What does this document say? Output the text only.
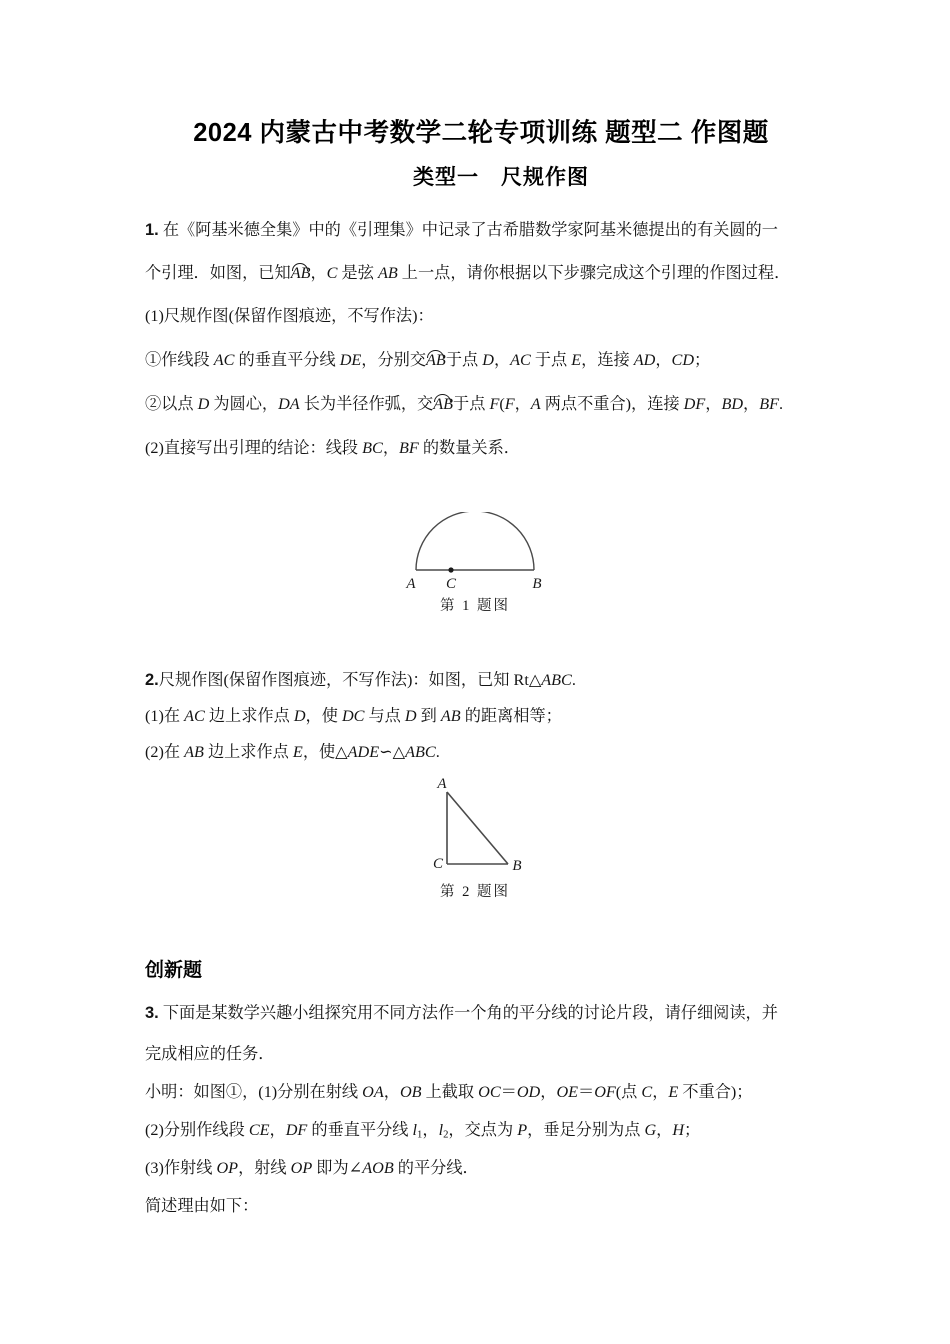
2024 内蒙古中考数学二轮专项训练 题型二 作图题
类型一　尺规作图
1. 在《阿基米德全集》中的《引理集》中记录了古希腊数学家阿基米德提出的有关圆的一
个引理．如图，已知AB，C 是弦 AB 上一点，请你根据以下步骤完成这个引理的作图过程．
(1)尺规作图(保留作图痕迹，不写作法)：
①作线段 AC 的垂直平分线 DE，分别交AB于点 D，AC 于点 E，连接 AD，CD；
②以点 D 为圆心，DA 长为半径作弧，交AB于点 F(F，A 两点不重合)，连接 DF，BD，BF.
(2)直接写出引理的结论：线段 BC，BF 的数量关系．
A C	B
第 1 题图
2.尺规作图(保留作图痕迹，不写作法)：如图，已知 Rt△ABC.
(1)在 AC 边上求作点 D，使 DC 与点 D 到 AB 的距离相等；
(2)在 AB 边上求作点 E，使△ADE∽△ABC.
A
C	B
第 2 题图
创新题
3. 下面是某数学兴趣小组探究用不同方法作一个角的平分线的讨论片段，请仔细阅读，并
完成相应的任务．
小明：如图①，(1)分别在射线 OA，OB 上截取 OC＝OD，OE＝OF(点 C，E 不重合)；
(2)分别作线段 CE，DF 的垂直平分线 $l_1$，$l_2$，交点为 P，垂足分别为点 G，H；
(3)作射线 OP，射线 OP 即为∠AOB 的平分线．
简述理由如下：
